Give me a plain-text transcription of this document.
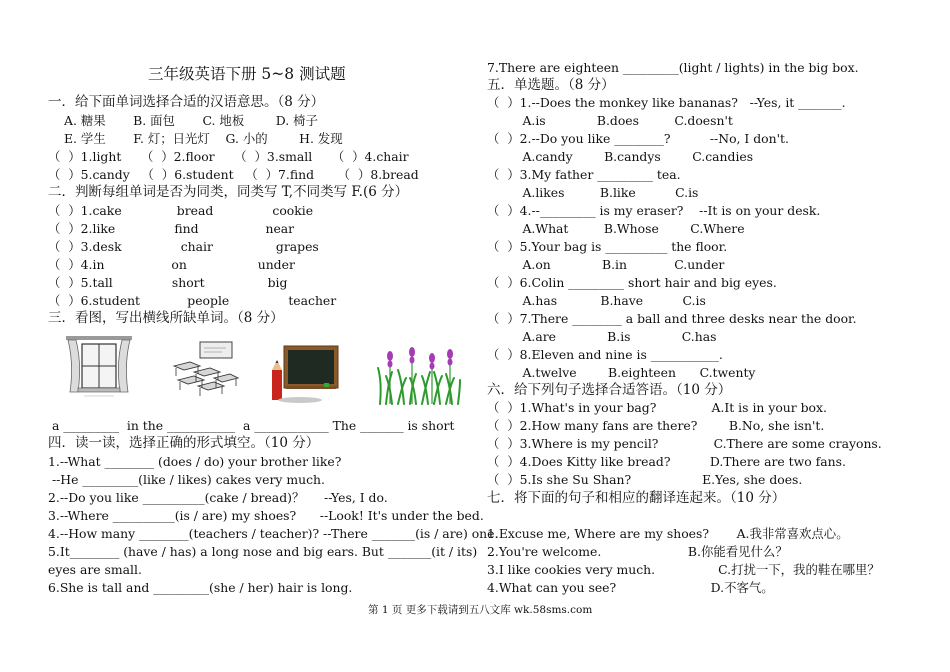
三年级英语下册 5~8 测试题
一．给下面单词选择合适的汉语意思。（8 分）
A. 糖果       B. 面包       C. 地板        D. 椅子
E. 学生       F. 灯；日光灯    G. 小的        H. 发现
（  ）1.light     （  ）2.floor     （  ）3.small     （  ）4.chair
（  ）5.candy   （  ）6.student   （  ）7.find      （  ）8.bread
二．判断每组单词是否为同类，同类写 T,不同类写 F.(6 分）
（  ）1.cake              bread               cookie
（  ）2.like               find                 near
（  ）3.desk               chair                grapes
（  ）4.in                 on                  under
（  ）5.tall               short                big
（  ）6.student            people               teacher
三．看图，写出横线所缺单词。（8 分）
a _________  in the ___________  a ____________ The _______ is short
四．读一读，选择正确的形式填空。（10 分）
1.--What ________ (does / do) your brother like?
--He _________(like / likes) cakes very much.
2.--Do you like __________(cake / bread)？     --Yes, I do.
3.--Where __________(is / are) my shoes?      --Look! It's under the bed.
4.--How many ________(teachers / teacher)? --There _______(is / are) one.
5.It________ (have / has) a long nose and big ears. But _______(it / its)
eyes are small.
6.She is tall and _________(she / her) hair is long.
7.There are eighteen _________(light / lights) in the big box.
五．单选题。（8 分）
（  ）1.--Does the monkey like bananas?   --Yes, it _______.
A.is             B.does         C.doesn't
（  ）2.--Do you like ________?          --No, I don't.
A.candy        B.candys        C.candies
（  ）3.My father _________ tea.
A.likes         B.like          C.is
（  ）4.--_________ is my eraser?    --It is on your desk.
A.What         B.Whose        C.Where
（  ）5.Your bag is __________ the floor.
A.on             B.in            C.under
（  ）6.Colin _________ short hair and big eyes.
A.has           B.have          C.is
（  ）7.There ________ a ball and three desks near the door.
A.are             B.is             C.has
（  ）8.Eleven and nine is ___________.
A.twelve        B.eighteen      C.twenty
六．给下列句子选择合适答语。（10 分）
（  ）1.What's in your bag?              A.It is in your box.
（  ）2.How many fans are there?        B.No, she isn't.
（  ）3.Where is my pencil?              C.There are some crayons.
（  ）4.Does Kitty like bread?          D.There are two fans.
（  ）5.Is she Su Shan?                  E.Yes, she does.
七．将下面的句子和相应的翻译连起来。（10 分）
1.Excuse me, Where are my shoes?       A.我非常喜欢点心。
2.You're welcome.                      B.你能看见什么？
3.I like cookies very much.                C.打扰一下，我的鞋在哪里？
4.What can you see?                        D.不客气。
第 1 页 更多下载请到五八文库 wk.58sms.com
